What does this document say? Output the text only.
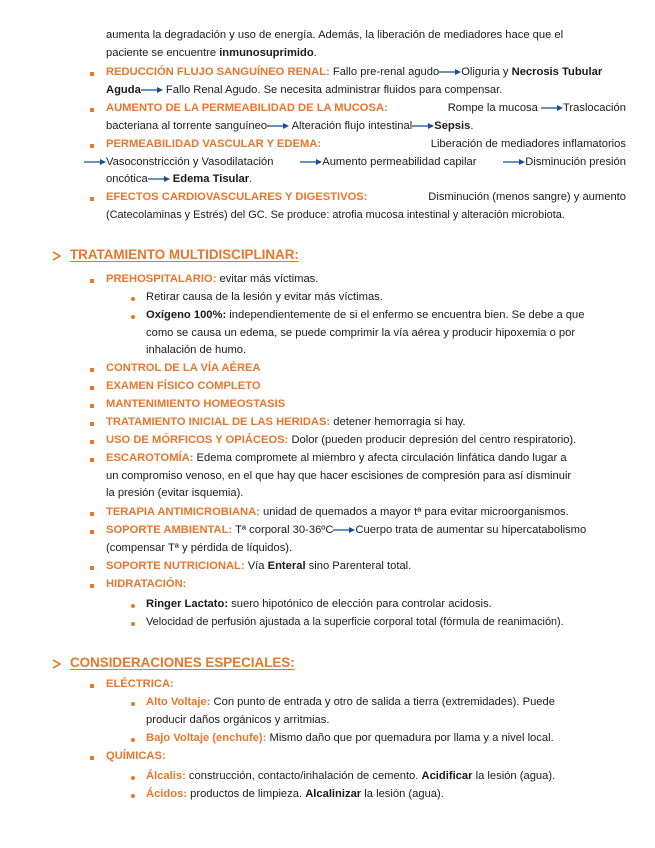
aumenta la degradación y uso de energía. Además, la liberación de mediadores hace que el
paciente se encuentre inmunosuprimido.
REDUCCIÓN FLUJO SANGUÍNEO RENAL: Fallo pre-renal agudo Oliguria y Necrosis Tubular
Aguda Fallo Renal Agudo. Se necesita administrar fluidos para compensar.
AUMENTO DE LA PERMEABILIDAD DE LA MUCOSA:	Rompe la mucosa Traslocación
bacteriana al torrente sanguíneo Alteración flujo intestinal Sepsis.
PERMEABILIDAD VASCULAR Y EDEMA:	Liberación de mediadores inflamatorios
Vasoconstricción y Vasodilatación	Aumento permeabilidad capilar	Disminución presión
oncótica Edema Tisular.
EFECTOS CARDIOVASCULARES Y DIGESTIVOS:	Disminución (menos sangre) y aumento
(Catecolaminas y Estrés) del GC. Se produce: atrofia mucosa intestinal y alteración microbiota.
TRATAMIENTO MULTIDISCIPLINAR:
PREHOSPITALARIO: evitar más víctimas.
Retirar causa de la lesión y evitar más víctimas.
Oxígeno 100%: independientemente de si el enfermo se encuentra bien. Se debe a que
como se causa un edema, se puede comprimir la vía aérea y producir hipoxemia o por
inhalación de humo.
CONTROL DE LA VÍA AÉREA
EXAMEN FÍSICO COMPLETO
MANTENIMIENTO HOMEOSTASIS
TRATAMIENTO INICIAL DE LAS HERIDAS: detener hemorragia si hay.
USO DE MÓRFICOS Y OPIÁCEOS: Dolor (pueden producir depresión del centro respiratorio).
ESCAROTOMÍA: Edema compromete al miembro y afecta circulación linfática dando lugar a
un compromiso venoso, en el que hay que hacer escisiones de compresión para así disminuir
la presión (evitar isquemia).
TERAPIA ANTIMICROBIANA: unidad de quemados a mayor tª para evitar microorganismos.
SOPORTE AMBIENTAL: Tª corporal 30-36ºC Cuerpo trata de aumentar su hipercatabolismo
(compensar Tª y pérdida de líquidos).
SOPORTE NUTRICIONAL: Vía Enteral sino Parenteral total.
HIDRATACIÓN:
Ringer Lactato: suero hipotónico de elección para controlar acidosis.
Velocidad de perfusión ajustada a la superficie corporal total (fórmula de reanimación).
CONSIDERACIONES ESPECIALES:
ELÉCTRICA:
Alto Voltaje: Con punto de entrada y otro de salida a tierra (extremidades). Puede
producir daños orgánicos y arritmias.
Bajo Voltaje (enchufe): Mismo daño que por quemadura por llama y a nivel local.
QUÍMICAS:
Álcalis: construcción, contacto/inhalación de cemento. Acidificar la lesión (agua).
Ácidos: productos de limpieza. Alcalinizar la lesión (agua).
